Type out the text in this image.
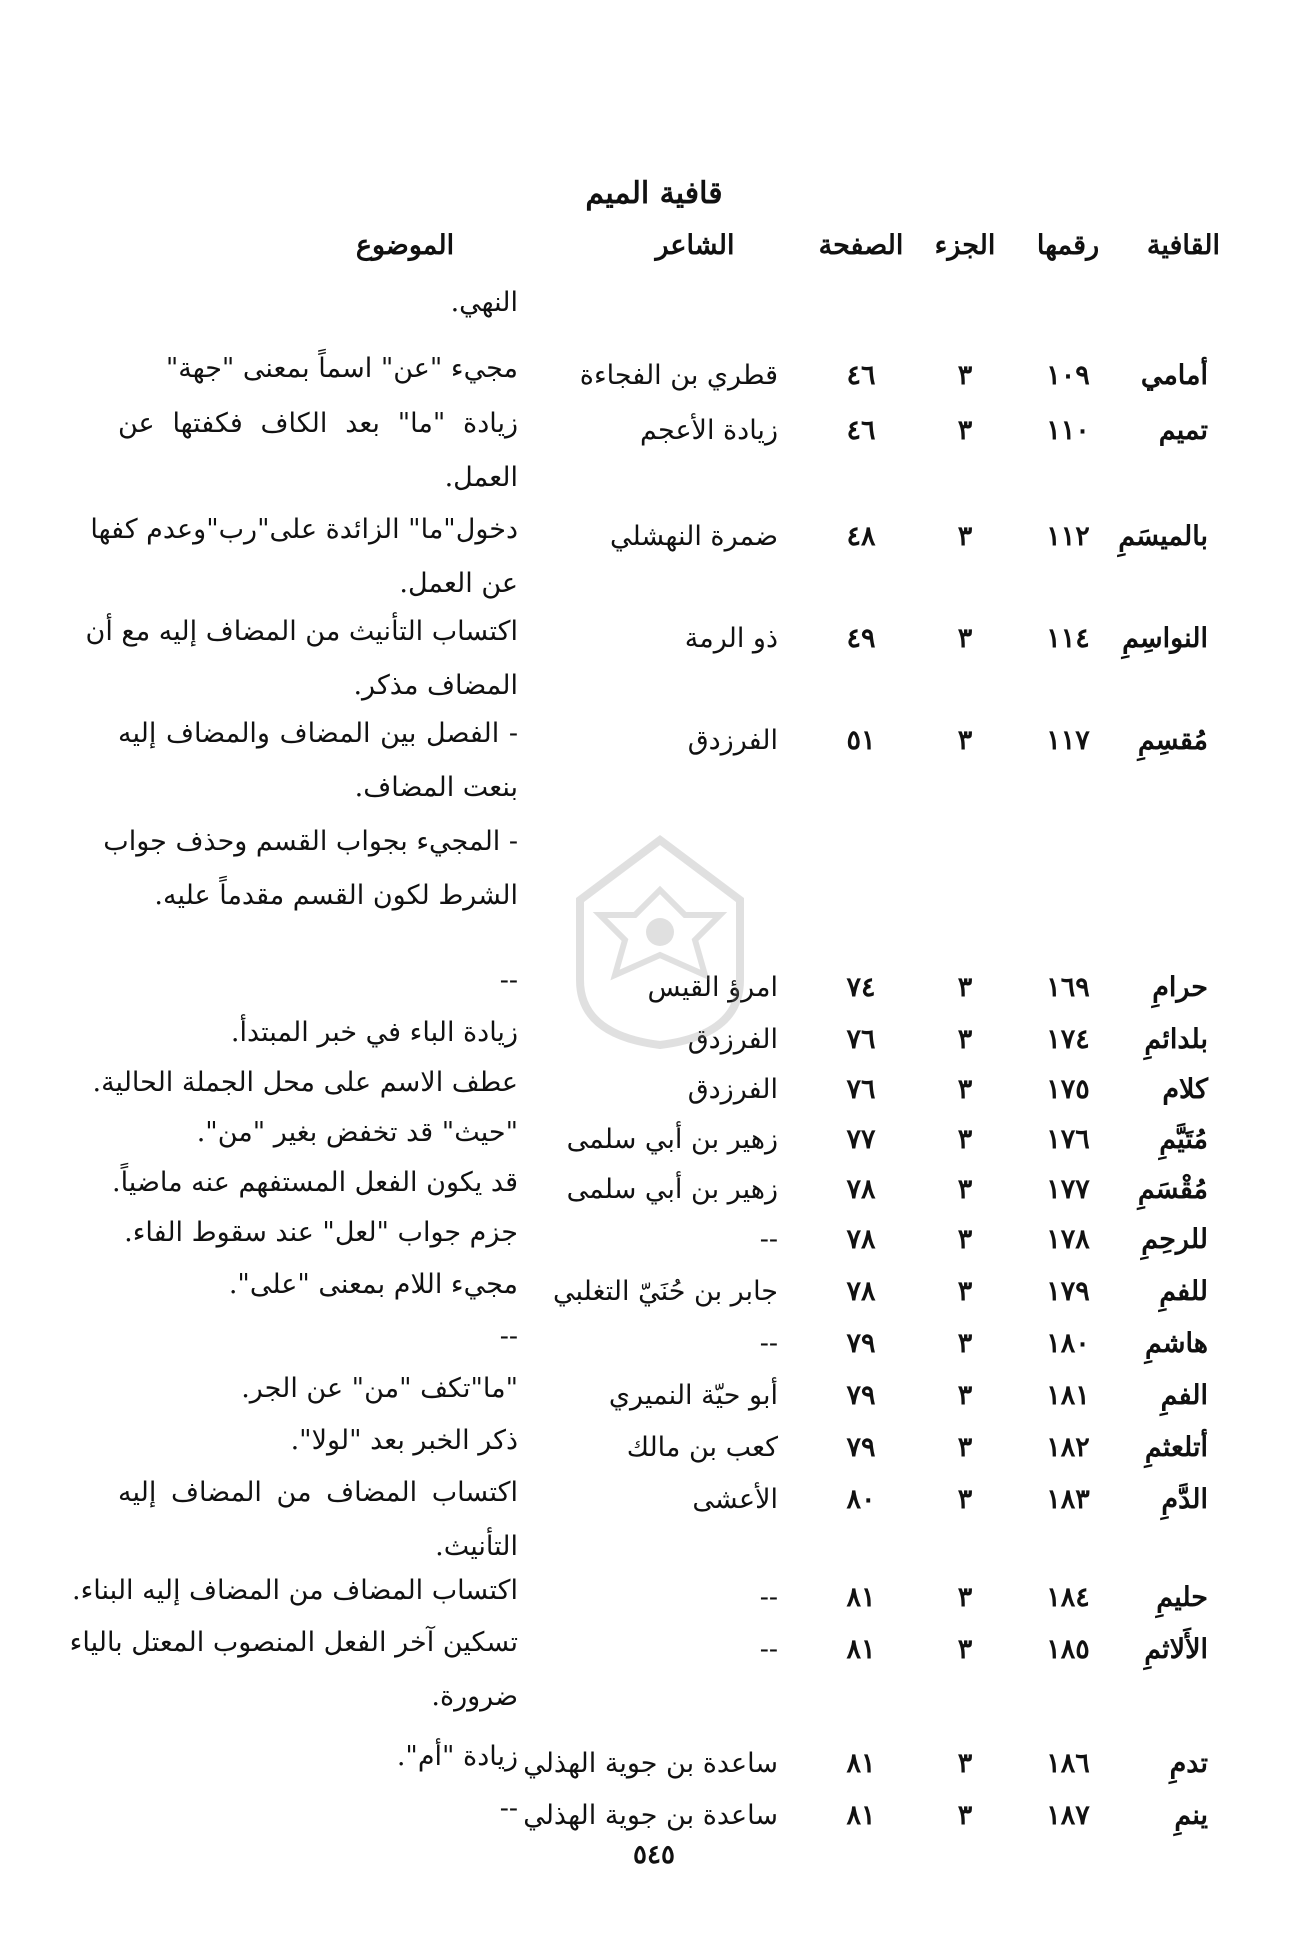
قافية الميم
القافية
رقمها
الجزء
الصفحة
الشاعر
الموضوع
النهي.
أمامي
١٠٩
٣
٤٦
قطري بن الفجاءة
مجيء "عن" اسماً بمعنى "جهة"
تميم
١١٠
٣
٤٦
زيادة الأعجم
زيادة "ما" بعد الكاف فكفتها عن
العمل.
بالميسَمِ
١١٢
٣
٤٨
ضمرة النهشلي
دخول"ما" الزائدة على"رب"وعدم كفها
عن العمل.
النواسِمِ
١١٤
٣
٤٩
ذو الرمة
اكتساب التأنيث من المضاف إليه مع أن
المضاف مذكر.
مُقسِمِ
١١٧
٣
٥١
الفرزدق
- الفصل بين المضاف والمضاف إليه
بنعت المضاف.
- المجيء بجواب القسم وحذف جواب
الشرط لكون القسم مقدماً عليه.
حرامِ
١٦٩
٣
٧٤
امرؤ القيس
--
بلدائمِ
١٧٤
٣
٧٦
الفرزدق
زيادة الباء في خبر المبتدأ.
كلام
١٧٥
٣
٧٦
الفرزدق
عطف الاسم على محل الجملة الحالية.
مُتَيَّمِ
١٧٦
٣
٧٧
زهير بن أبي سلمى
"حيث" قد تخفض بغير "من".
مُقْسَمِ
١٧٧
٣
٧٨
زهير بن أبي سلمى
قد يكون الفعل المستفهم عنه ماضياً.
للرحِمِ
١٧٨
٣
٧٨
--
جزم جواب "لعل" عند سقوط الفاء.
للفمِ
١٧٩
٣
٧٨
جابر بن حُنَيّ التغلبي
مجيء اللام بمعنى "على".
هاشمِ
١٨٠
٣
٧٩
--
--
الفمِ
١٨١
٣
٧٩
أبو حيّة النميري
"ما"تكف "من" عن الجر.
أتلعثمِ
١٨٢
٣
٧٩
كعب بن مالك
ذكر الخبر بعد "لولا".
الدَّمِ
١٨٣
٣
٨٠
الأعشى
اكتساب المضاف من المضاف إليه
التأنيث.
حليمِ
١٨٤
٣
٨١
--
اكتساب المضاف من المضاف إليه البناء.
الأَلاثمِ
١٨٥
٣
٨١
--
تسكين آخر الفعل المنصوب المعتل بالياء
ضرورة.
تدمِ
١٨٦
٣
٨١
ساعدة بن جوية الهذلي
زيادة "أم".
ينمِ
١٨٧
٣
٨١
ساعدة بن جوية الهذلي
--
٥٤٥
